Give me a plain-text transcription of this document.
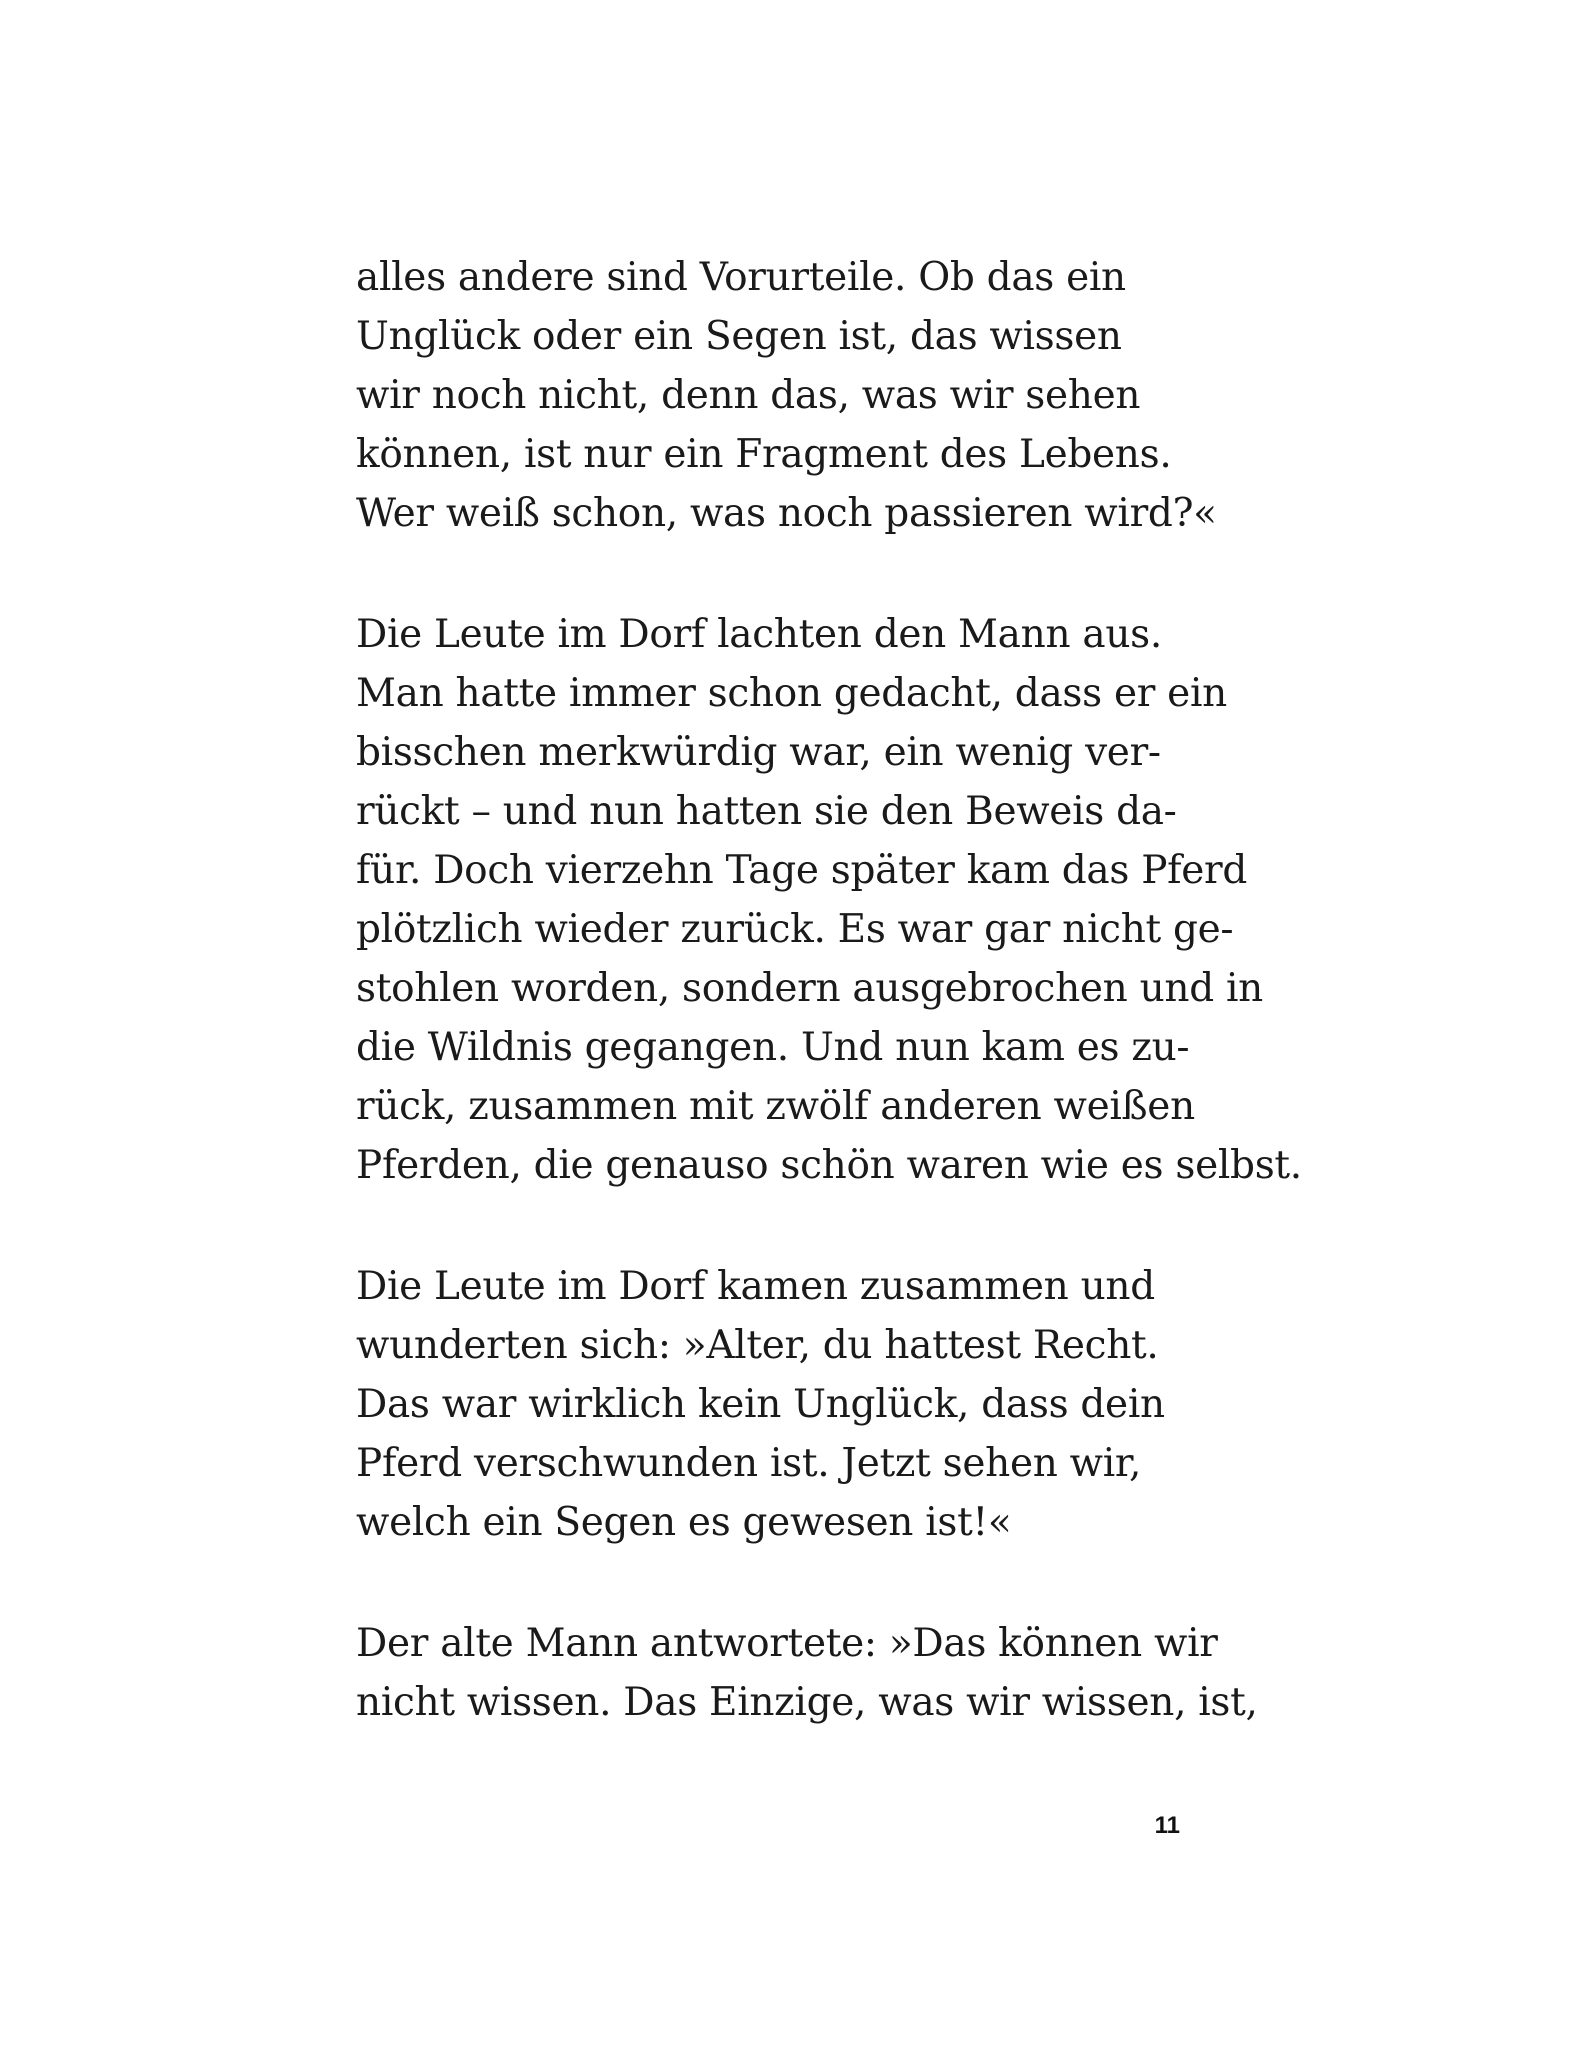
alles andere sind Vorurteile. Ob das ein
Unglück oder ein Segen ist, das wissen
wir noch nicht, denn das, was wir sehen
können, ist nur ein Fragment des Lebens.
Wer weiß schon, was noch passieren wird?«

Die Leute im Dorf lachten den Mann aus.
Man hatte immer schon gedacht, dass er ein
bisschen merkwürdig war, ein wenig ver-
rückt – und nun hatten sie den Beweis da-
für. Doch vierzehn Tage später kam das Pferd
plötzlich wieder zurück. Es war gar nicht ge-
stohlen worden, sondern ausgebrochen und in
die Wildnis gegangen. Und nun kam es zu-
rück, zusammen mit zwölf anderen weißen
Pferden, die genauso schön waren wie es selbst.

Die Leute im Dorf kamen zusammen und
wunderten sich: »Alter, du hattest Recht.
Das war wirklich kein Unglück, dass dein
Pferd verschwunden ist. Jetzt sehen wir,
welch ein Segen es gewesen ist!«

Der alte Mann antwortete: »Das können wir
nicht wissen. Das Einzige, was wir wissen, ist,

11
